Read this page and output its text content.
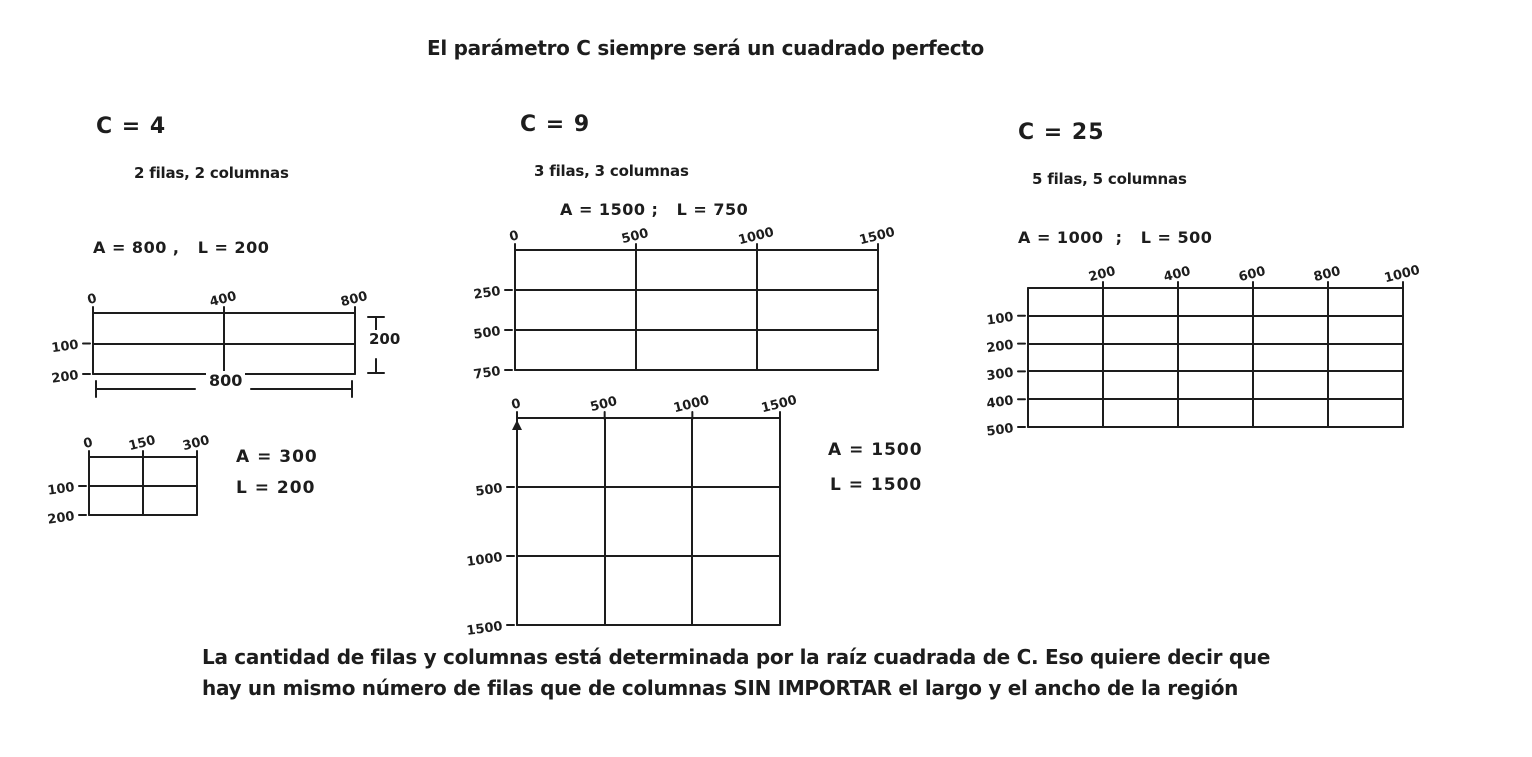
El parámetro C siempre será un cuadrado perfecto
C = 4
2 filas, 2 columnas
A = 800 ,   L = 200
0	400	800
100
200	800
200
0	150 300
100
200
A = 300
L = 200
C = 9
3 filas, 3 columnas
A = 1500 ;   L = 750
0	500	1000	1500
250
500
750
0	500	1000	1500
500
1000
1500
A = 1500
L = 1500
C = 25
5 filas, 5 columnas
A = 1000  ;   L = 500
200	400	600	800	1000
100
200
300
400
500
La cantidad de filas y columnas está determinada por la raíz cuadrada de C. Eso quiere decir que
hay un mismo número de filas que de columnas SIN IMPORTAR el largo y el ancho de la región
